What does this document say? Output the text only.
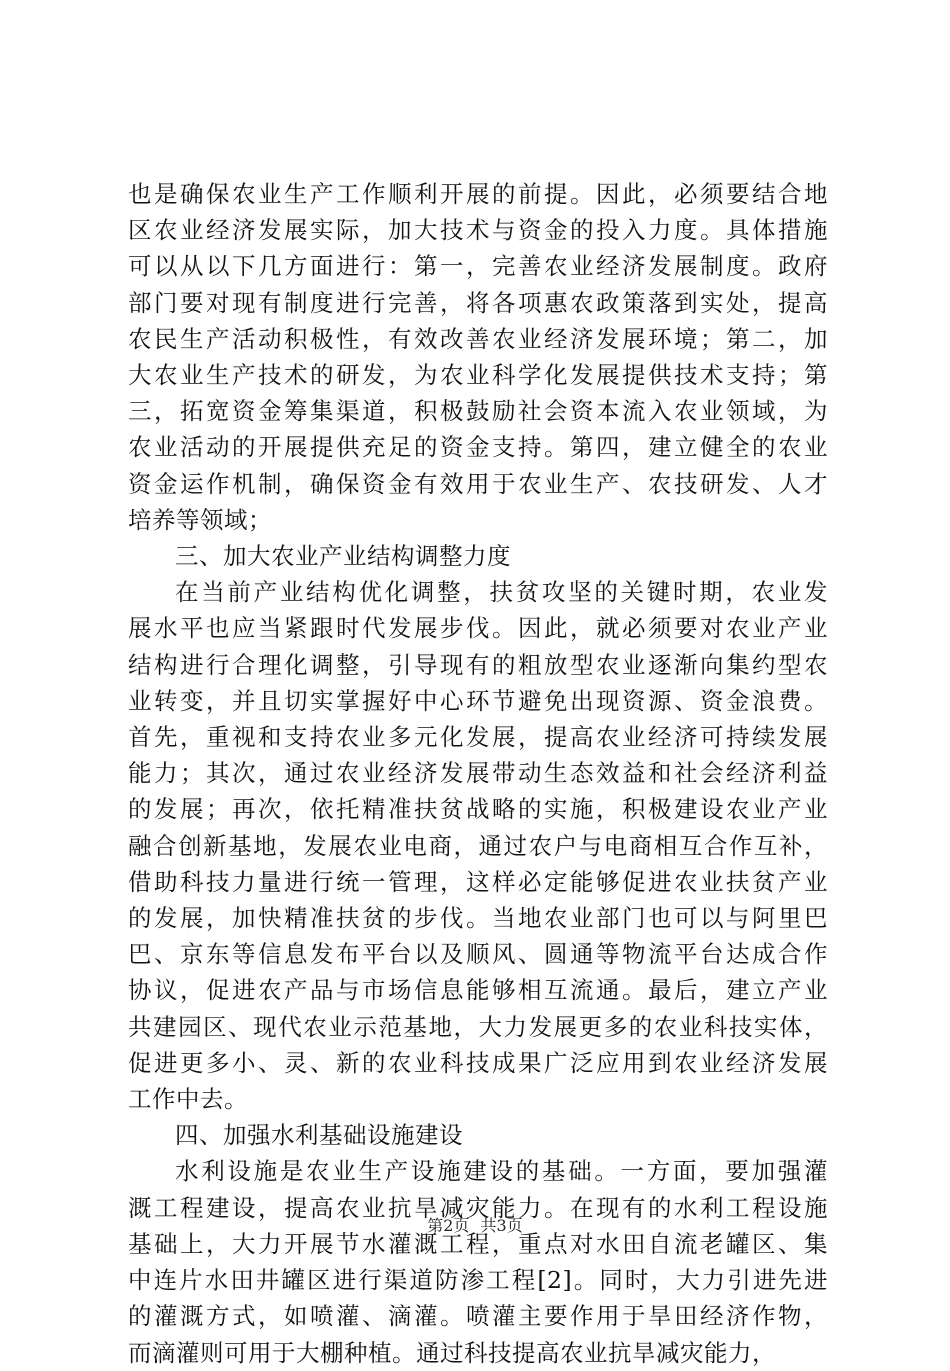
也是确保农业生产工作顺利开展的前提。因此，必须要结合地
区农业经济发展实际，加大技术与资金的投入力度。具体措施
可以从以下几方面进行：第一，完善农业经济发展制度。政府
部门要对现有制度进行完善，将各项惠农政策落到实处，提高
农民生产活动积极性，有效改善农业经济发展环境；第二，加
大农业生产技术的研发，为农业科学化发展提供技术支持；第
三，拓宽资金筹集渠道，积极鼓励社会资本流入农业领域，为
农业活动的开展提供充足的资金支持。第四，建立健全的农业
资金运作机制，确保资金有效用于农业生产、农技研发、人才
培养等领域；
三、加大农业产业结构调整力度
在当前产业结构优化调整，扶贫攻坚的关键时期，农业发
展水平也应当紧跟时代发展步伐。因此，就必须要对农业产业
结构进行合理化调整，引导现有的粗放型农业逐渐向集约型农
业转变，并且切实掌握好中心环节避免出现资源、资金浪费。
首先，重视和支持农业多元化发展，提高农业经济可持续发展
能力；其次，通过农业经济发展带动生态效益和社会经济利益
的发展；再次，依托精准扶贫战略的实施，积极建设农业产业
融合创新基地，发展农业电商，通过农户与电商相互合作互补，
借助科技力量进行统一管理，这样必定能够促进农业扶贫产业
的发展，加快精准扶贫的步伐。当地农业部门也可以与阿里巴
巴、京东等信息发布平台以及顺风、圆通等物流平台达成合作
协议，促进农产品与市场信息能够相互流通。最后，建立产业
共建园区、现代农业示范基地，大力发展更多的农业科技实体，
促进更多小、灵、新的农业科技成果广泛应用到农业经济发展
工作中去。
四、加强水利基础设施建设
水利设施是农业生产设施建设的基础。一方面，要加强灌
溉工程建设，提高农业抗旱减灾能力。在现有的水利工程设施
基础上，大力开展节水灌溉工程，重点对水田自流老罐区、集
中连片水田井罐区进行渠道防渗工程[2]。同时，大力引进先进
的灌溉方式，如喷灌、滴灌。喷灌主要作用于旱田经济作物，
而滴灌则可用于大棚种植。通过科技提高农业抗旱减灾能力，
第2页 共3页
